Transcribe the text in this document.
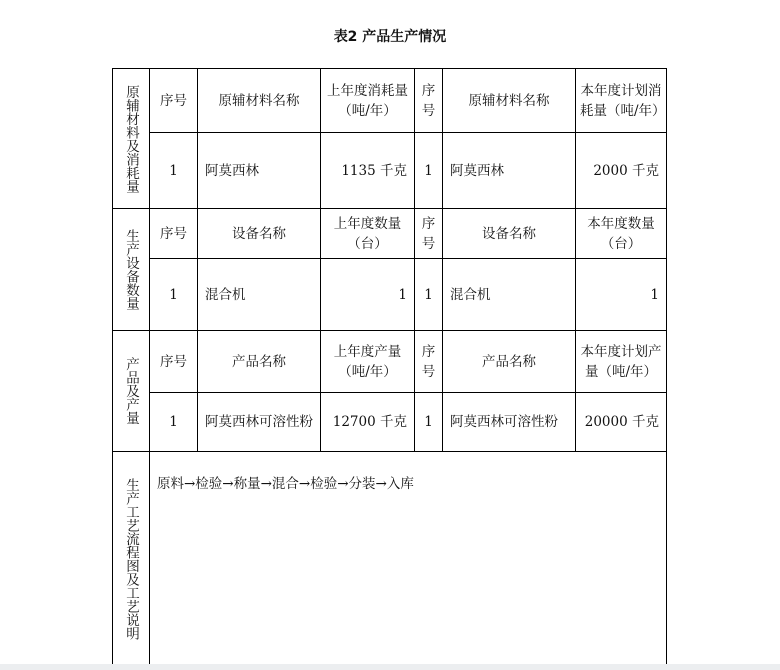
表2 产品生产情况
原辅材料及消耗量	序号	原辅材料名称	上年度消耗量（吨/年）	序号	原辅材料名称	本年度计划消耗量（吨/年）
	1	阿莫西林	1135 千克	1	阿莫西林	2000 千克
生产设备数量	序号	设备名称	上年度数量（台）	序号	设备名称	本年度数量（台）
	1	混合机	1	1	混合机	1
产品及产量	序号	产品名称	上年度产量（吨/年）	序号	产品名称	本年度计划产量（吨/年）
	1	阿莫西林可溶性粉	12700 千克	1	阿莫西林可溶性粉	20000 千克
生产工艺流程图及工艺说明	原料→检验→称量→混合→检验→分装→入库					
